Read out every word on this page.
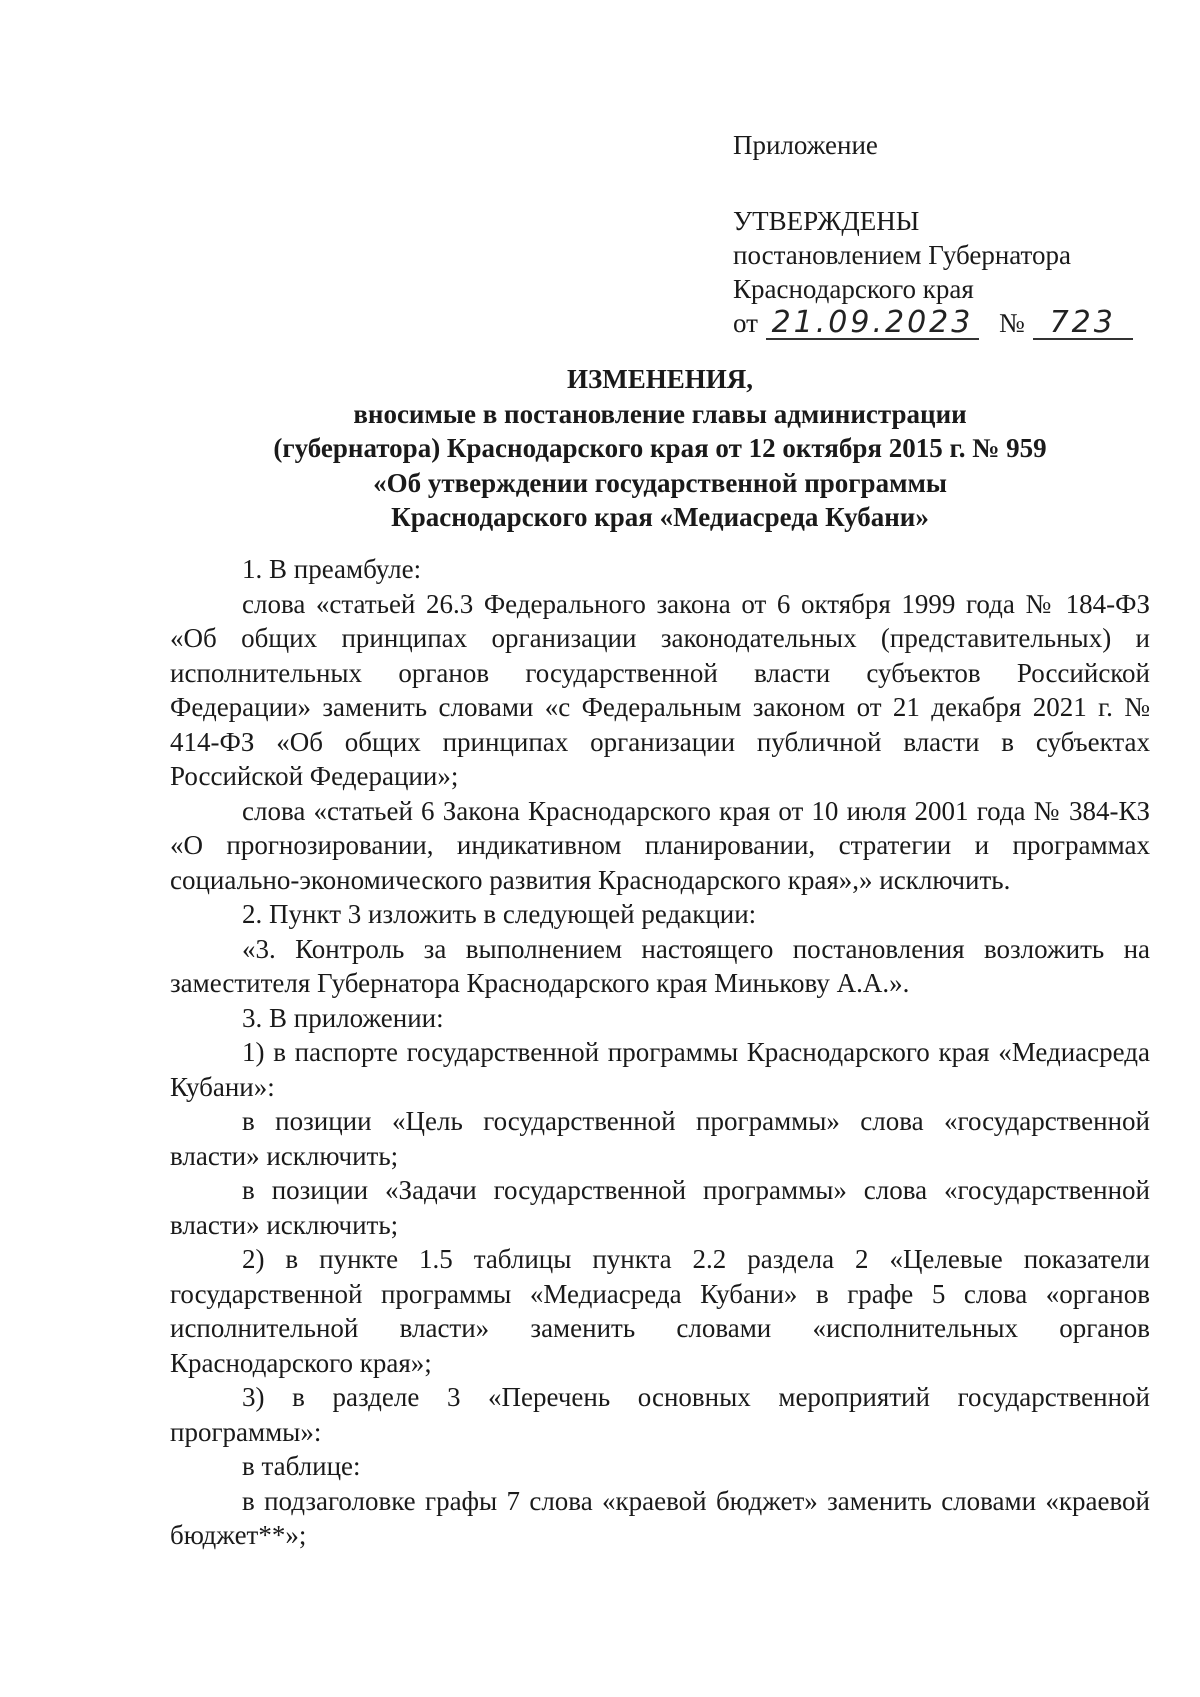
Приложение
УТВЕРЖДЕНЫ
постановлением Губернатора
Краснодарского края
от 21.09.2023 № 723
ИЗМЕНЕНИЯ,
вносимые в постановление главы администрации
(губернатора) Краснодарского края от 12 октября 2015 г. № 959
«Об утверждении государственной программы
Краснодарского края «Медиасреда Кубани»

1. В преамбуле:

слова «статьей 26.3 Федерального закона от 6 октября 1999 года № 184-ФЗ «Об общих принципах организации законодательных (представительных) и исполнительных органов государственной власти субъектов Российской Федерации» заменить словами «с Федеральным законом от 21 декабря 2021 г. № 414-ФЗ «Об общих принципах организации публичной власти в субъектах Российской Федерации»;

слова «статьей 6 Закона Краснодарского края от 10 июля 2001 года № 384-КЗ «О прогнозировании, индикативном планировании, стратегии и программах социально-экономического развития Краснодарского края»,» исключить.

2. Пункт 3 изложить в следующей редакции:

«3. Контроль за выполнением настоящего постановления возложить на заместителя Губернатора Краснодарского края Минькову А.А.».

3. В приложении:

1) в паспорте государственной программы Краснодарского края «Медиасреда Кубани»:

в позиции «Цель государственной программы» слова «государственной власти» исключить;

в позиции «Задачи государственной программы» слова «государственной власти» исключить;

2) в пункте 1.5 таблицы пункта 2.2 раздела 2 «Целевые показатели государственной программы «Медиасреда Кубани» в графе 5 слова «органов исполнительной власти» заменить словами «исполнительных органов Краснодарского края»;

3) в разделе 3 «Перечень основных мероприятий государственной программы»:

в таблице:

в подзаголовке графы 7 слова «краевой бюджет» заменить словами «краевой бюджет**»;
